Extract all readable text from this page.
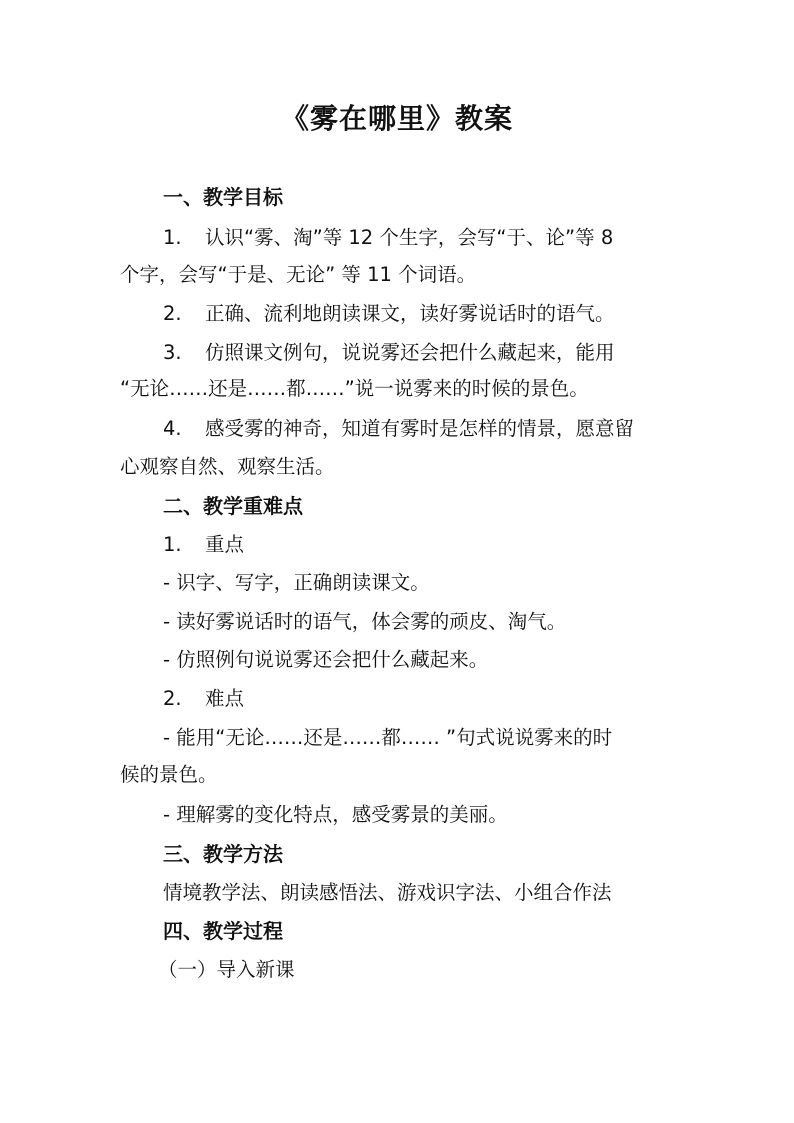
《雾在哪里》教案
一、教学目标
1. 认识“雾、淘”等 12 个生字，会写“于、论”等 8
个字，会写“于是、无论” 等 11 个词语。
2. 正确、流利地朗读课文，读好雾说话时的语气。
3. 仿照课文例句，说说雾还会把什么藏起来，能用
“无论……还是……都……”说一说雾来的时候的景色。
4. 感受雾的神奇，知道有雾时是怎样的情景，愿意留
心观察自然、观察生活。
二、教学重难点
1. 重点
- 识字、写字，正确朗读课文。
- 读好雾说话时的语气，体会雾的顽皮、淘气。
- 仿照例句说说雾还会把什么藏起来。
2. 难点
- 能用“无论……还是……都…… ”句式说说雾来的时
候的景色。
- 理解雾的变化特点，感受雾景的美丽。
三、教学方法
情境教学法、朗读感悟法、游戏识字法、小组合作法
四、教学过程
（一）导入新课
